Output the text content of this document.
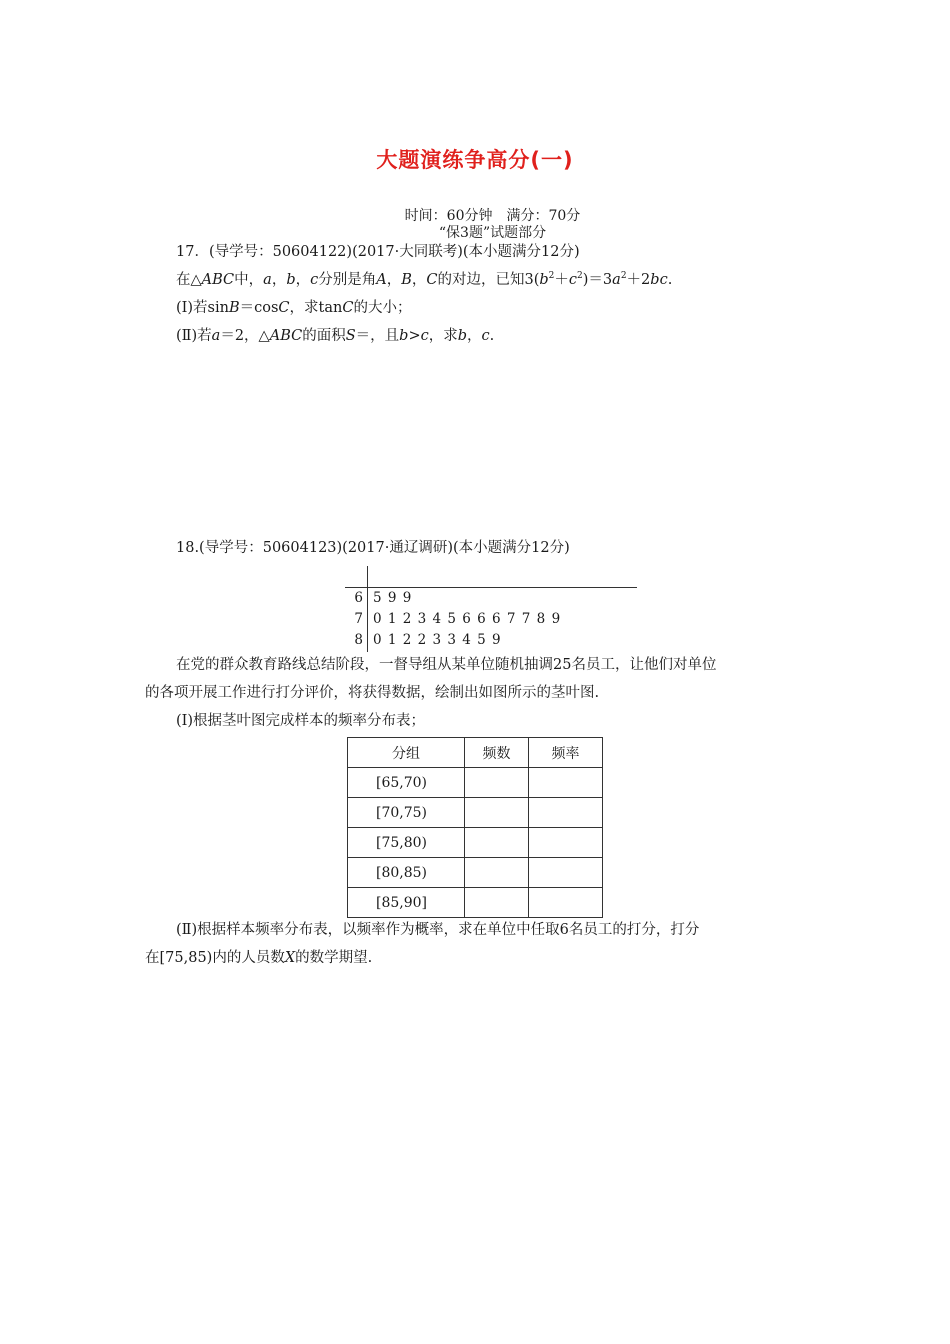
大题演练争高分(一)
时间：60分钟　满分：70分
“保3题”试题部分
17．(导学号：50604122)(2017·大同联考)(本小题满分12分)
在△ABC中，a，b，c分别是角A，B，C的对边，已知$3(b^2+c^2)=3a^2+2bc$.
(Ⅰ)若sinB＝cosC，求tanC的大小；
(Ⅱ)若a＝2，△ABC的面积S＝，且b>c，求b，c.
18.(导学号：50604123)(2017·通辽调研)(本小题满分12分)
6 5 9 9
7 0 1 2 3 4 5 6 6 6 7 7 8 9
8 0 1 2 2 3 3 4 5 9
在党的群众教育路线总结阶段，一督导组从某单位随机抽调25名员工，让他们对单位
的各项开展工作进行打分评价，将获得数据，绘制出如图所示的茎叶图.
(Ⅰ)根据茎叶图完成样本的频率分布表；
分组	频数	频率
[65,70)		
[70,75)		
[75,80)		
[80,85)		
[85,90]		
(Ⅱ)根据样本频率分布表，以频率作为概率，求在单位中任取6名员工的打分，打分
在[75,85)内的人员数X的数学期望.
